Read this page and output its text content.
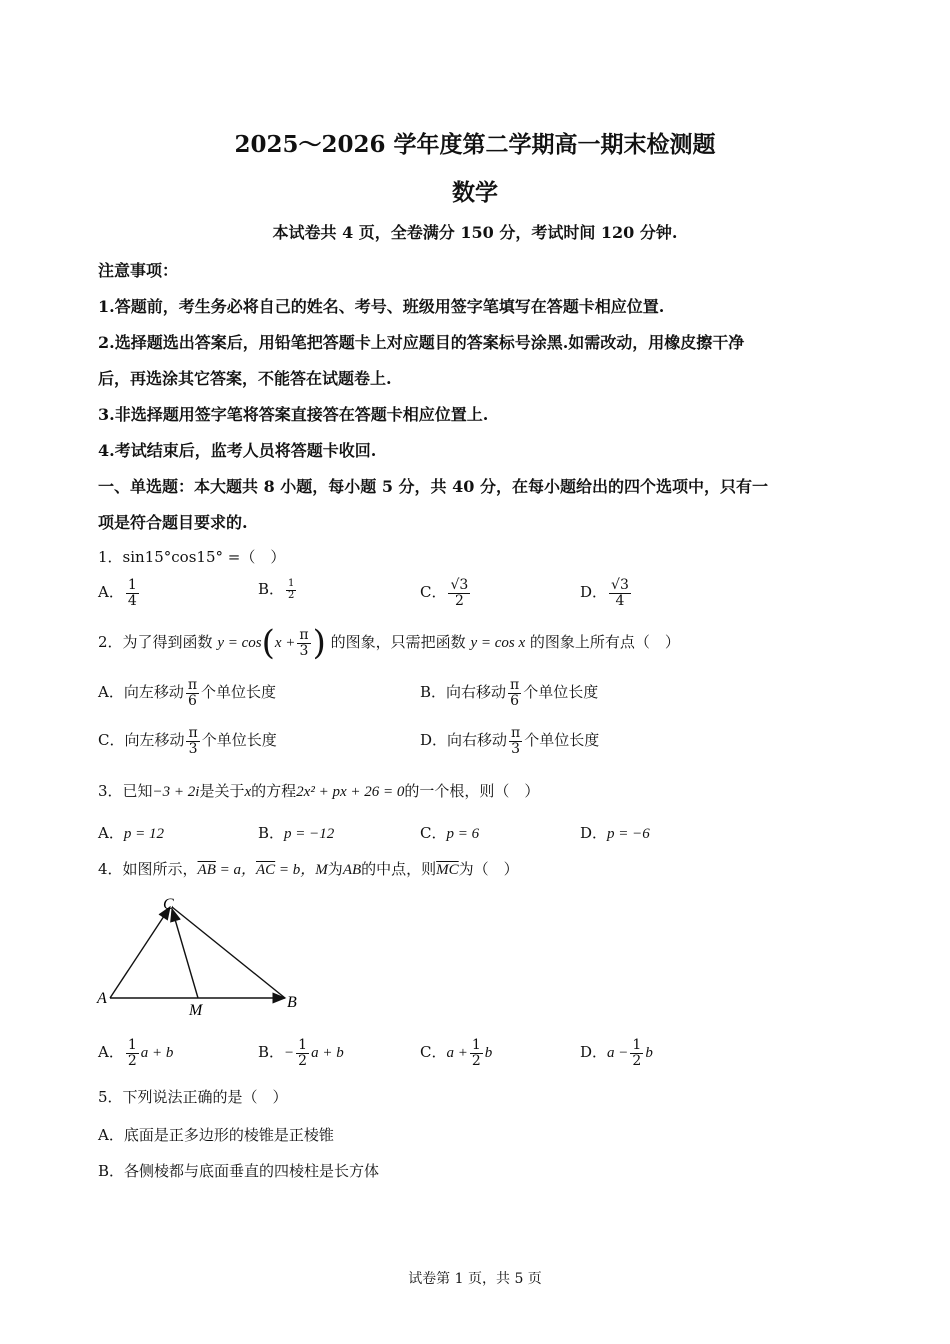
2025～2026 学年度第二学期高一期末检测题
数学
本试卷共 4 页，全卷满分 150 分，考试时间 120 分钟.
注意事项：
1.答题前，考生务必将自己的姓名、考号、班级用签字笔填写在答题卡相应位置.
2.选择题选出答案后，用铅笔把答题卡上对应题目的答案标号涂黑.如需改动，用橡皮擦干净
后，再选涂其它答案，不能答在试题卷上.
3.非选择题用签字笔将答案直接答在答题卡相应位置上.
4.考试结束后，监考人员将答题卡收回.
一、单选题：本大题共 8 小题，每小题 5 分，共 40 分，在每小题给出的四个选项中，只有一
项是符合题目要求的.
1．sin15°cos15° =（　）
A． $\frac{1}{4}$	B． $\frac{1}{2}$	C． $\frac{√3}{2}$	D． $\frac{√3}{4}$
2．为了得到函数 $y = \cos(x + \frac{\pi}{3}$ ) 的图象，只需把函数 y = cos x 的图象上所有点（　）
A．向左移动 $\frac{\pi}{6}$ 个单位长度	B．向右移动 $\frac{\pi}{6}$ 个单位长度
C．向左移动 $\frac{\pi}{3}$ 个单位长度	D．向右移动 $\frac{\pi}{3}$ 个单位长度
3．已知−3 + 2i是关于x的方程2x² + px + 26 = 0的一个根，则（　）
A．p = 12	B．p = −12	C．p = 6	D．p = −6
4．如图所示，$\overline{AB} = a$，$\overline{AC} = b$，M为AB的中点，则$\overline{MC}$为（　）
A	B
C
M
A． $\frac{1}{2}$ a + b	B．− $\frac{1}{2}$ a + b	C．$a + \frac{1}{2}$ b	D．$a - \frac{1}{2}$ b
5．下列说法正确的是（　）
A．底面是正多边形的棱锥是正棱锥
B．各侧棱都与底面垂直的四棱柱是长方体
试卷第 1 页，共 5 页
